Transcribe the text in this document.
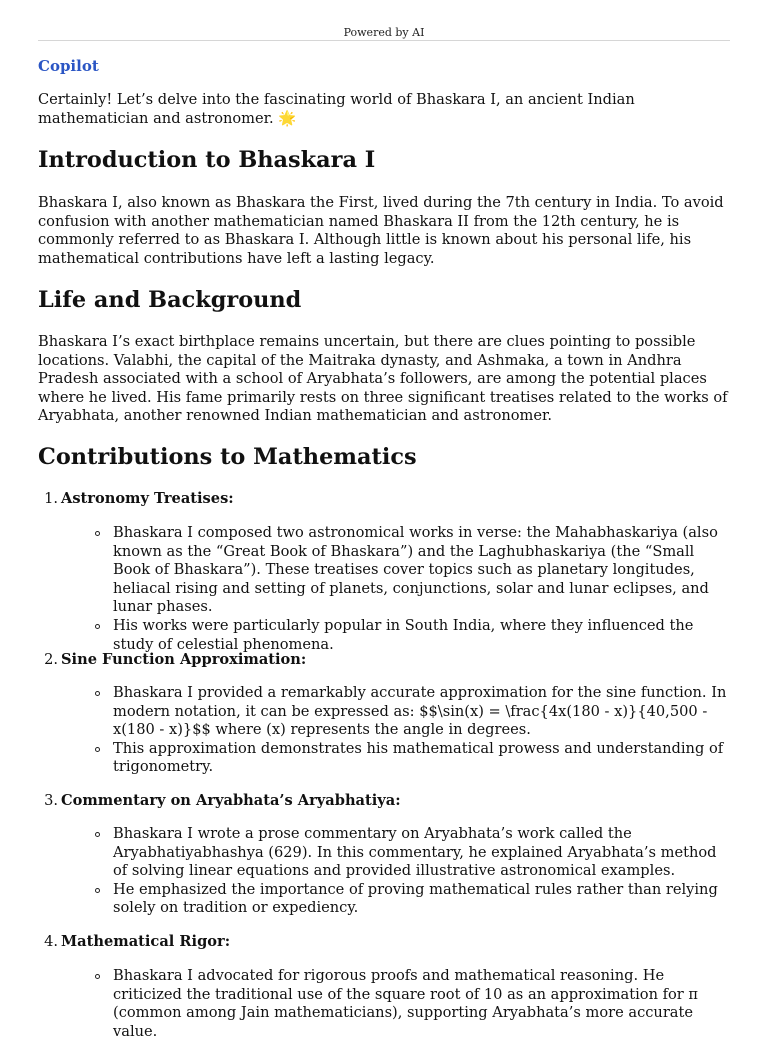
Powered by AI
Copilot

Certainly! Let’s delve into the fascinating world of Bhaskara I, an ancient Indian mathematician and astronomer. 🌟

Introduction to Bhaskara I

Bhaskara I, also known as Bhaskara the First, lived during the 7th century in India. To avoid confusion with another mathematician named Bhaskara II from the 12th century, he is commonly referred to as Bhaskara I. Although little is known about his personal life, his mathematical contributions have left a lasting legacy.

Life and Background

Bhaskara I’s exact birthplace remains uncertain, but there are clues pointing to possible locations. Valabhi, the capital of the Maitraka dynasty, and Ashmaka, a town in Andhra Pradesh associated with a school of Aryabhata’s followers, are among the potential places where he lived. His fame primarily rests on three significant treatises related to the works of Aryabhata, another renowned Indian mathematician and astronomer.

Contributions to Mathematics
1. Astronomy Treatises:
Bhaskara I composed two astronomical works in verse: the Mahabhaskariya (also known as the “Great Book of Bhaskara”) and the Laghubhaskariya (the “Small Book of Bhaskara”). These treatises cover topics such as planetary longitudes, heliacal rising and setting of planets, conjunctions, solar and lunar eclipses, and lunar phases.
His works were particularly popular in South India, where they influenced the study of celestial phenomena.
2. Sine Function Approximation:
Bhaskara I provided a remarkably accurate approximation for the sine function. In modern notation, it can be expressed as: $$\sin(x) = \frac{4x(180 - x)}{40,500 - x(180 - x)}$$ where (x) represents the angle in degrees.
This approximation demonstrates his mathematical prowess and understanding of trigonometry.
3. Commentary on Aryabhata’s Aryabhatiya:
Bhaskara I wrote a prose commentary on Aryabhata’s work called the Aryabhatiyabhashya (629). In this commentary, he explained Aryabhata’s method of solving linear equations and provided illustrative astronomical examples.
He emphasized the importance of proving mathematical rules rather than relying solely on tradition or expediency.
4. Mathematical Rigor:
Bhaskara I advocated for rigorous proofs and mathematical reasoning. He criticized the traditional use of the square root of 10 as an approximation for π (common among Jain mathematicians), supporting Aryabhata’s more accurate value.
